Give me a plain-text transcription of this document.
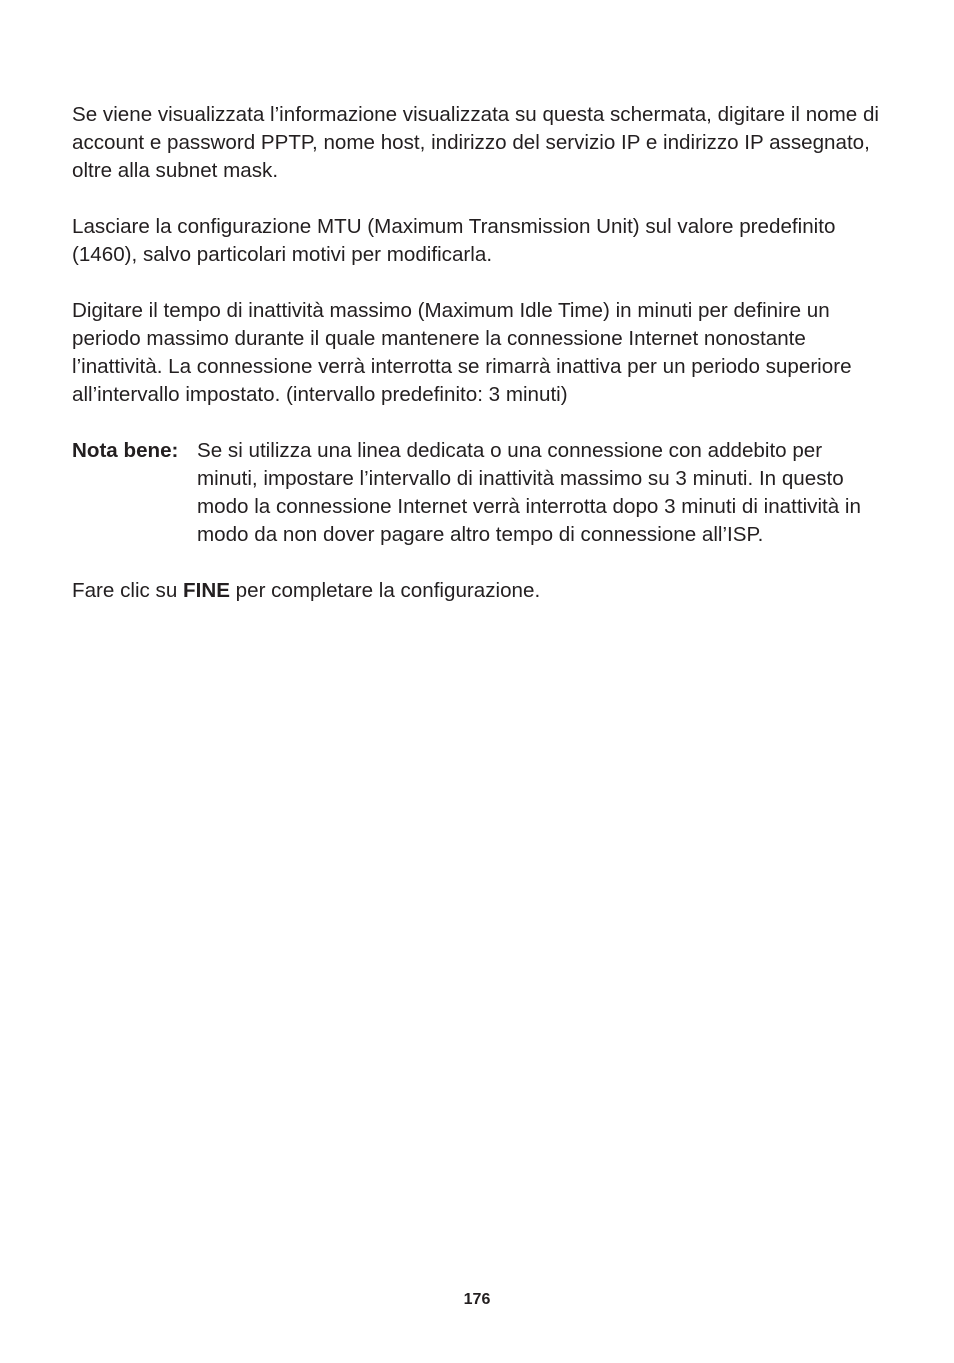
Se viene visualizzata l’informazione visualizzata su questa schermata, digitare il nome di account e password PPTP, nome host, indirizzo del servizio IP e indirizzo IP assegnato, oltre alla subnet mask.

Lasciare la configurazione MTU (Maximum Transmission Unit) sul valore predefinito (1460), salvo particolari motivi per modificarla.

Digitare il tempo di inattività massimo (Maximum Idle Time) in minuti per definire un periodo massimo durante il quale mantenere la connessione Internet nonostante l’inattività. La connessione verrà interrotta se rimarrà inattiva per un periodo superiore all’intervallo impostato. (intervallo predefinito: 3 minuti)

Nota bene: Se si utilizza una linea dedicata o una connessione con addebito per minuti, impostare l’intervallo di inattività massimo su 3 minuti. In questo modo la connessione Internet verrà interrotta dopo 3 minuti di inattività in modo da non dover pagare altro tempo di connessione all’ISP.

Fare clic su FINE per completare la configurazione.

176
